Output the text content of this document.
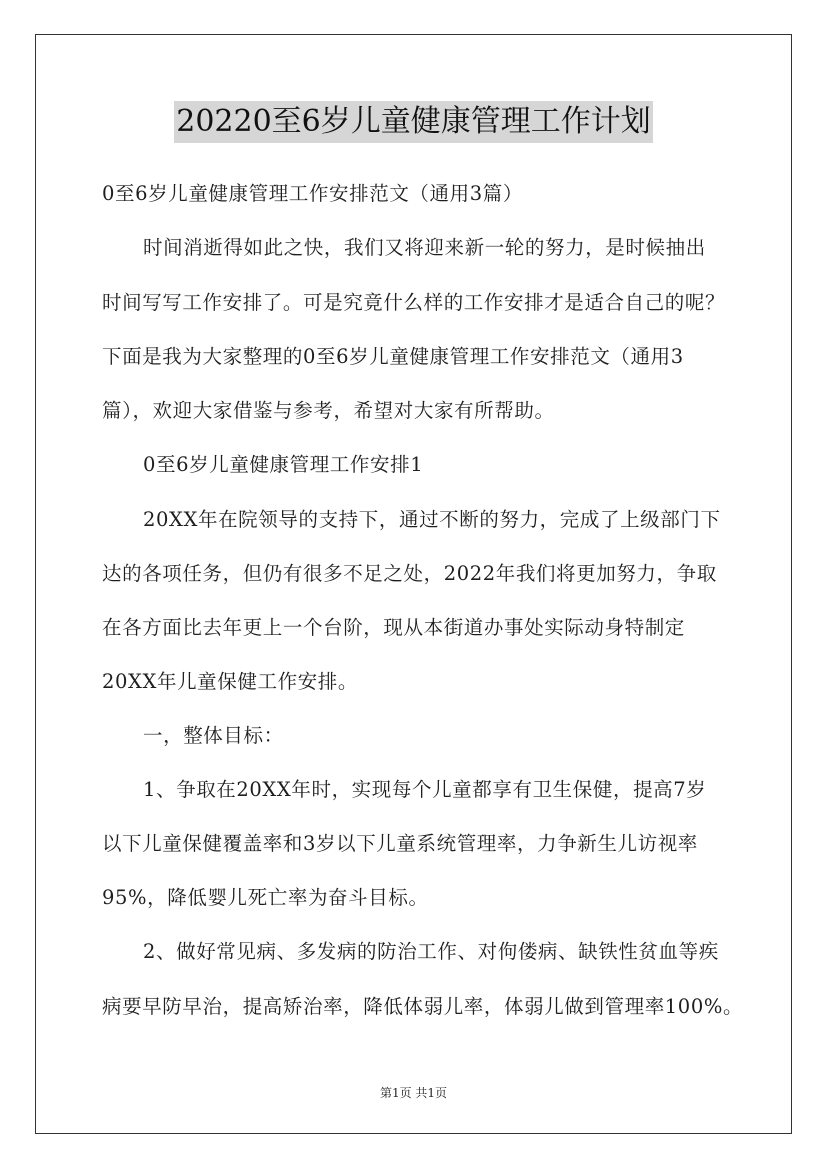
20220至6岁儿童健康管理工作计划
0至6岁儿童健康管理工作安排范文（通用3篇）
时间消逝得如此之快，我们又将迎来新一轮的努力，是时候抽出
时间写写工作安排了。可是究竟什么样的工作安排才是适合自己的呢？
下面是我为大家整理的0至6岁儿童健康管理工作安排范文（通用3
篇），欢迎大家借鉴与参考，希望对大家有所帮助。
0至6岁儿童健康管理工作安排1
20XX年在院领导的支持下，通过不断的努力，完成了上级部门下
达的各项任务，但仍有很多不足之处，2022年我们将更加努力，争取
在各方面比去年更上一个台阶，现从本街道办事处实际动身特制定
20XX年儿童保健工作安排。
一，整体目标：
1、争取在20XX年时，实现每个儿童都享有卫生保健，提高7岁
以下儿童保健覆盖率和3岁以下儿童系统管理率，力争新生儿访视率
95%，降低婴儿死亡率为奋斗目标。
2、做好常见病、多发病的防治工作、对佝偻病、缺铁性贫血等疾
病要早防早治，提高矫治率，降低体弱儿率，体弱儿做到管理率100%。
第1页 共1页
